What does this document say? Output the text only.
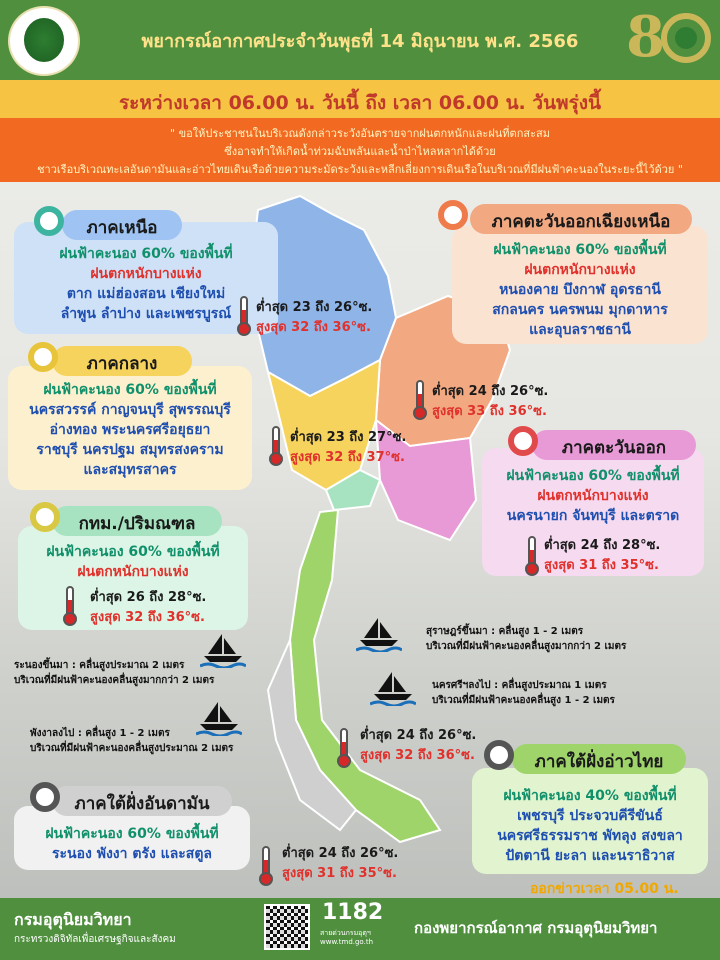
พยากรณ์อากาศประจำวันพุธที่ 14 มิถุนายน พ.ศ. 2566 8
ระหว่างเวลา 06.00 น. วันนี้ ถึง เวลา 06.00 น. วันพรุ่งนี้
" ขอให้ประชาชนในบริเวณดังกล่าวระวังอันตรายจากฝนตกหนักและฝนที่ตกสะสม
ซึ่งอาจทำให้เกิดน้ำท่วมฉับพลันและน้ำป่าไหลหลากได้ด้วย
ชาวเรือบริเวณทะเลอันดามันและอ่าวไทยเดินเรือด้วยความระมัดระวังและหลีกเลี่ยงการเดินเรือในบริเวณที่มีฝนฟ้าคะนองในระยะนี้ไว้ด้วย "
ภาคเหนือ
ฝนฟ้าคะนอง 60% ของพื้นที่
ฝนตกหนักบางแห่ง
ตาก แม่ฮ่องสอน เชียงใหม่
ลำพูน ลำปาง และเพชรบูรณ์	ต่ำสุด 23 ถึง 26°ซ.
สูงสุด 32 ถึง 36°ซ.
ภาคตะวันออกเฉียงเหนือ
ฝนฟ้าคะนอง 60% ของพื้นที่
ฝนตกหนักบางแห่ง
หนองคาย บึงกาฬ อุดรธานี
สกลนคร นครพนม มุกดาหาร
และอุบลราชธานี
ต่ำสุด 24 ถึง 26°ซ.
สูงสุด 33 ถึง 36°ซ.
ภาคกลาง
ฝนฟ้าคะนอง 60% ของพื้นที่
นครสวรรค์ กาญจนบุรี สุพรรณบุรี
อ่างทอง พระนครศรีอยุธยา
ราชบุรี นครปฐม สมุทรสงคราม
และสมุทรสาคร
ต่ำสุด 23 ถึง 27°ซ.
สูงสุด 32 ถึง 37°ซ.	ภาคตะวันออก
ฝนฟ้าคะนอง 60% ของพื้นที่
ฝนตกหนักบางแห่ง
นครนายก จันทบุรี และตราด
ต่ำสุด 24 ถึง 28°ซ.
สูงสุด 31 ถึง 35°ซ.
กทม./ปริมณฑล
ฝนฟ้าคะนอง 60% ของพื้นที่
ฝนตกหนักบางแห่ง
ต่ำสุด 26 ถึง 28°ซ.
สูงสุด 32 ถึง 36°ซ.
ระนองขึ้นมา : คลื่นสูงประมาณ 2 เมตร
บริเวณที่มีฝนฟ้าคะนองคลื่นสูงมากกว่า 2 เมตร
พังงาลงไป : คลื่นสูง 1 - 2 เมตร
บริเวณที่มีฝนฟ้าคะนองคลื่นสูงประมาณ 2 เมตร
สุราษฎร์ขึ้นมา : คลื่นสูง 1 - 2 เมตร
บริเวณที่มีฝนฟ้าคะนองคลื่นสูงมากกว่า 2 เมตร
นครศรีฯลงไป : คลื่นสูงประมาณ 1 เมตร
บริเวณที่มีฝนฟ้าคะนองคลื่นสูง 1 - 2 เมตร
ต่ำสุด 24 ถึง 26°ซ.
สูงสุด 32 ถึง 36°ซ.	ภาคใต้ฝั่งอ่าวไทย
ฝนฟ้าคะนอง 40% ของพื้นที่
เพชรบุรี ประจวบคีรีขันธ์
นครศรีธรรมราช พัทลุง สงขลา
ปัตตานี ยะลา และนราธิวาส
ภาคใต้ฝั่งอันดามัน
ฝนฟ้าคะนอง 60% ของพื้นที่
ระนอง พังงา ตรัง และสตูล	ต่ำสุด 24 ถึง 26°ซ.
สูงสุด 31 ถึง 35°ซ.
ออกข่าวเวลา 05.00 น.
กรมอุตุนิยมวิทยา
กระทรวงดิจิทัลเพื่อเศรษฐกิจและสังคม
1182
สายด่วนกรมอุตุฯ
www.tmd.go.th
กองพยากรณ์อากาศ กรมอุตุนิยมวิทยา
